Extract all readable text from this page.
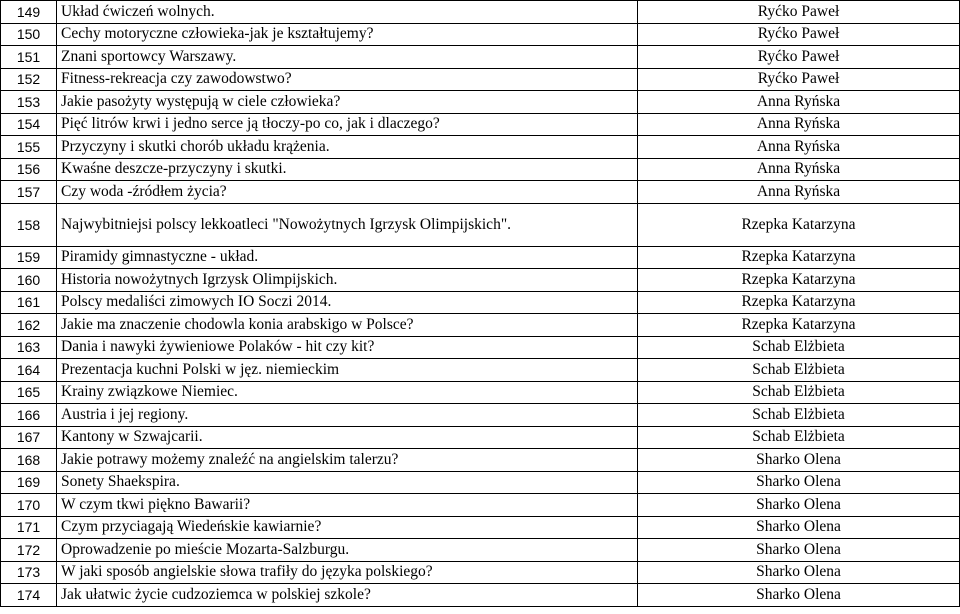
149	Układ ćwiczeń wolnych.	Ryćko Paweł
150	Cechy motoryczne człowieka-jak je kształtujemy?	Ryćko Paweł
151	Znani sportowcy Warszawy.	Ryćko Paweł
152	Fitness-rekreacja czy zawodowstwo?	Ryćko Paweł
153	Jakie pasożyty występują w ciele człowieka?	Anna Ryńska
154	Pięć litrów krwi i jedno serce ją tłoczy-po co, jak i dlaczego?	Anna Ryńska
155	Przyczyny i skutki chorób układu krążenia.	Anna Ryńska
156	Kwaśne deszcze-przyczyny i skutki.	Anna Ryńska
157	Czy woda -źródłem życia?	Anna Ryńska
158	Najwybitniejsi polscy lekkoatleci "Nowożytnych Igrzysk Olimpijskich".	Rzepka Katarzyna
159	Piramidy gimnastyczne - układ.	Rzepka Katarzyna
160	Historia nowożytnych Igrzysk Olimpijskich.	Rzepka Katarzyna
161	Polscy medaliści zimowych IO Soczi 2014.	Rzepka Katarzyna
162	Jakie ma znaczenie chodowla konia arabskigo w Polsce?	Rzepka Katarzyna
163	Dania i nawyki żywieniowe Polaków - hit czy kit?	Schab Elżbieta
164	Prezentacja kuchni Polski w jęz. niemieckim	Schab Elżbieta
165	Krainy związkowe Niemiec.	Schab Elżbieta
166	Austria i jej regiony.	Schab Elżbieta
167	Kantony w Szwajcarii.	Schab Elżbieta
168	Jakie potrawy możemy znaleźć na angielskim talerzu?	Sharko Olena
169	Sonety Shaekspira.	Sharko Olena
170	W czym tkwi piękno Bawarii?	Sharko Olena
171	Czym przyciagają Wiedeńskie kawiarnie?	Sharko Olena
172	Oprowadzenie po mieście Mozarta-Salzburgu.	Sharko Olena
173	W jaki sposób angielskie słowa trafiły do języka polskiego?	Sharko Olena
174	Jak ułatwic życie cudzoziemca w polskiej szkole?	Sharko Olena
